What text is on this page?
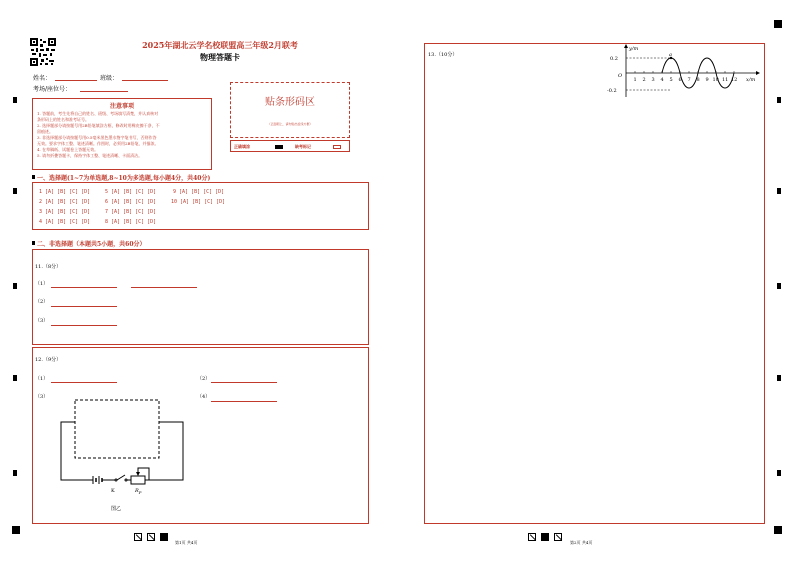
2025年湖北云学名校联盟高三年级2月联考
物理答题卡
姓名：	班级：
考场/座位号：
注意事项
1. 答题前，考生先将自己的姓名、班级、考场填写清楚，并认真核对
条形码上的姓名和准考证号。
2. 选择题部分请按题号用2B铅笔填涂方框，修改时用橡皮擦干净，不
留痕迹。
3. 非选择题部分请按题号用0.5毫米黑色墨水签字笔书写，否则作答
无效。要求字体工整、笔迹清晰。作图时，必须用2B铅笔，并描浓。
4. 在草稿纸、试题卷上答题无效。
5. 请勿折叠答题卡，保持字体工整、笔迹清晰、卡面清洁。
贴条形码区
（正面朝上，请勿贴出虚线方框）
正确填涂	缺考标记
一、选择题(1~7为单选题,8~10为多选题,每小题4分，共40分)
1 [A] [B] [C] [D]	5 [A] [B] [C] [D]	9 [A] [B] [C] [D]
2 [A] [B] [C] [D]	6 [A] [B] [C] [D]	10 [A] [B] [C] [D]
3 [A] [B] [C] [D]	7 [A] [B] [C] [D]
4 [A] [B] [C] [D]	8 [A] [B] [C] [D]
二、非选择题（本题共5小题，共60分）
11.（8分）
（1）
（2）
（3）
12.（9分）
（1）	（2）
（3）	（4）
K	$R_P$
图乙
第1页 共4页
13.（10分）
y/m
x/m
O
0.2
-0.2
a
1 2 3 4 5 6 7 8 9 10 11 12
第2页 共4页
